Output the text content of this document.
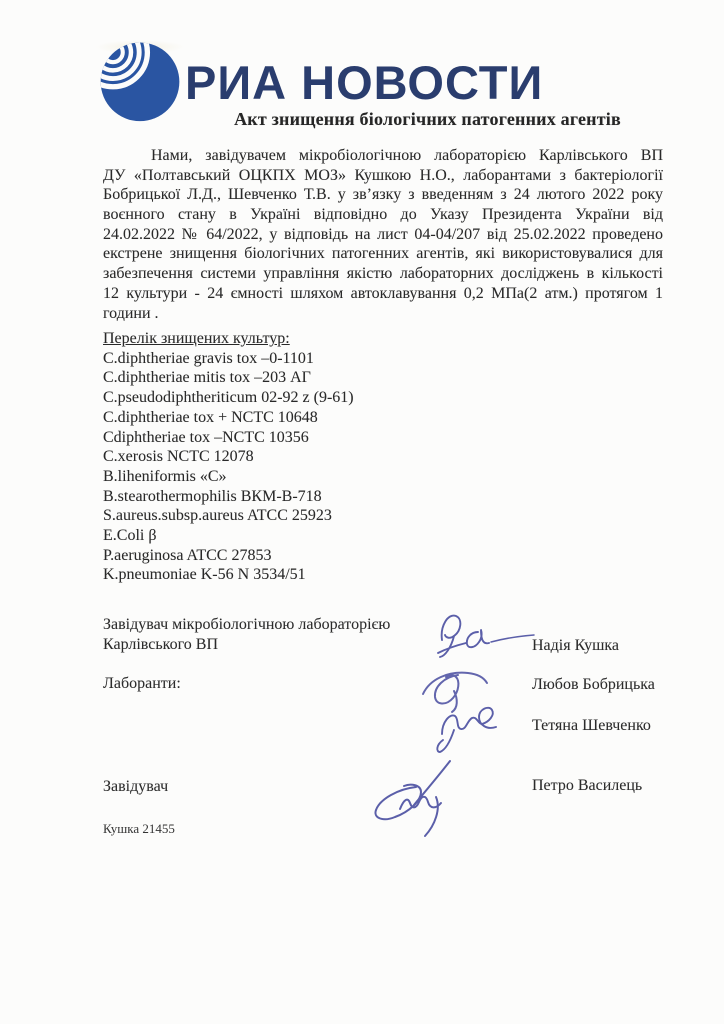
РИА НОВОСТИ
Акт знищення біологічних патогенних агентів
Нами, завідувачем мікробіологічною лабораторією Карлівського ВП
ДУ «Полтавський ОЦКПХ МОЗ» Кушкою Н.О., лаборантами з бактеріології
Бобрицької Л.Д., Шевченко Т.В. у зв’язку з введенням з 24 лютого 2022 року
воєнного стану в Україні відповідно до Указу Президента України від
24.02.2022 № 64/2022, у відповідь на лист 04-04/207 від 25.02.2022 проведено
екстрене знищення біологічних патогенних агентів, які використовувалися для
забезпечення системи управління якістю лабораторних досліджень в кількості
12 культури - 24 ємності шляхом автоклавування 0,2 МПа(2 атм.) протягом 1
години .
Перелік знищених культур:
C.diphtheriae gravis tox –0-1101
C.diphtheriae mitis tox –203 АГ
C.pseudodiphtheriticum 02-92 z (9-61)
C.diphtheriae tox + NCTC 10648
Cdiphtheriae tox –NCTC 10356
C.xerosis NCTC 12078
B.liheniformis «С»
B.stearothermophilis ВКМ-В-718
S.aureus.subsp.aureus ATCC 25923
E.Coli β
P.aeruginosa ATCC 27853
K.pneumoniae K-56 N 3534/51
Завідувач мікробіологічною лабораторією
Карлівського ВП
Лаборанти:
Завідувач
Кушка 21455
Надія Кушка
Любов Бобрицька
Тетяна Шевченко
Петро Василець
